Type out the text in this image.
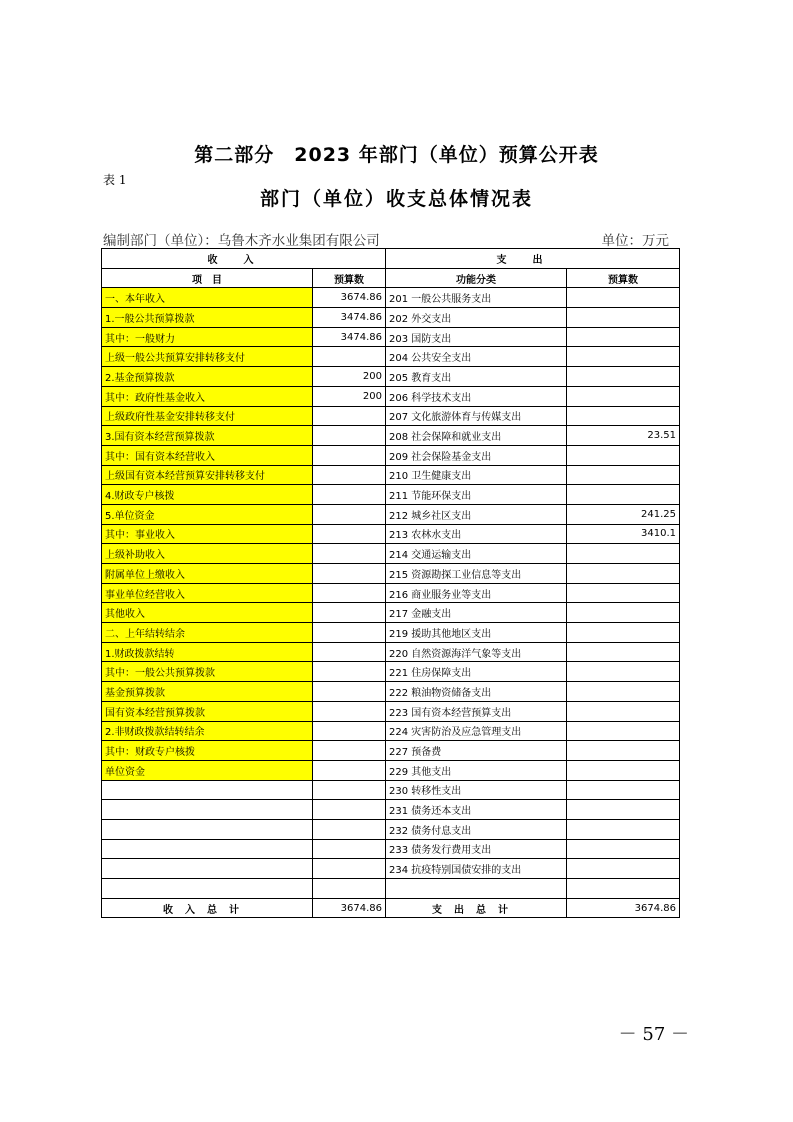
第二部分　2023 年部门（单位）预算公开表
表 1
部门（单位）收支总体情况表
编制部门（单位）：乌鲁木齐水业集团有限公司	单位：万元
收入		支出	
项　目	预算数	功能分类	预算数
一、本年收入	3674.86	201 一般公共服务支出	
1.一般公共预算拨款	3474.86	202 外交支出	
其中：一般财力	3474.86	203 国防支出	
上级一般公共预算安排转移支付		204 公共安全支出	
2.基金预算拨款	200	205 教育支出	
其中：政府性基金收入	200	206 科学技术支出	
上级政府性基金安排转移支付		207 文化旅游体育与传媒支出	
3.国有资本经营预算拨款		208 社会保障和就业支出	23.51
其中：国有资本经营收入		209 社会保险基金支出	
上级国有资本经营预算安排转移支付		210 卫生健康支出	
4.财政专户核拨		211 节能环保支出	
5.单位资金		212 城乡社区支出	241.25
其中：事业收入		213 农林水支出	3410.1
上级补助收入		214 交通运输支出	
附属单位上缴收入		215 资源勘探工业信息等支出	
事业单位经营收入		216 商业服务业等支出	
其他收入		217 金融支出	
二、上年结转结余		219 援助其他地区支出	
1.财政拨款结转		220 自然资源海洋气象等支出	
其中：一般公共预算拨款		221 住房保障支出	
基金预算拨款		222 粮油物资储备支出	
国有资本经营预算拨款		223 国有资本经营预算支出	
2.非财政拨款结转结余		224 灾害防治及应急管理支出	
其中：财政专户核拨		227 预备费	
单位资金		229 其他支出	
		230 转移性支出	
		231 债务还本支出	
		232 债务付息支出	
		233 债务发行费用支出	
		234 抗疫特别国债安排的支出	

收入总计	3674.86	支出总计	3674.86
－ 57 －
